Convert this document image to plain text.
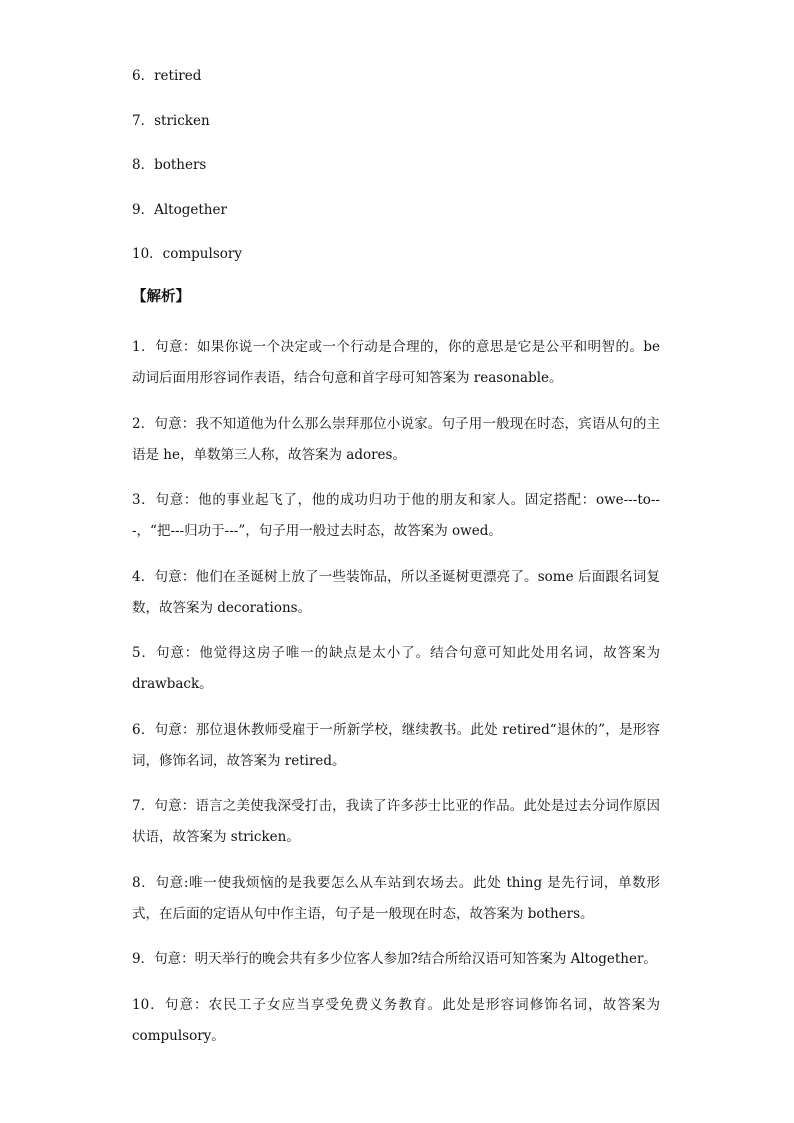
6．retired
7．stricken
8．bothers
9．Altogether
10．compulsory
【解析】
1．句意：如果你说一个决定或一个行动是合理的，你的意思是它是公平和明智的。be 动词后面用形容词作表语，结合句意和首字母可知答案为 reasonable。
2．句意：我不知道他为什么那么崇拜那位小说家。句子用一般现在时态，宾语从句的主语是 he，单数第三人称，故答案为 adores。
3．句意：他的事业起飞了，他的成功归功于他的朋友和家人。固定搭配：owe---to---，“把---归功于---”，句子用一般过去时态，故答案为 owed。
4．句意：他们在圣诞树上放了一些装饰品，所以圣诞树更漂亮了。some 后面跟名词复数，故答案为 decorations。
5．句意：他觉得这房子唯一的缺点是太小了。结合句意可知此处用名词，故答案为 drawback。
6．句意：那位退休教师受雇于一所新学校，继续教书。此处 retired“退休的”，是形容词，修饰名词，故答案为 retired。
7．句意：语言之美使我深受打击，我读了许多莎士比亚的作品。此处是过去分词作原因状语，故答案为 stricken。
8．句意:唯一使我烦恼的是我要怎么从车站到农场去。此处 thing 是先行词，单数形式，在后面的定语从句中作主语，句子是一般现在时态，故答案为 bothers。
9．句意：明天举行的晚会共有多少位客人参加?结合所给汉语可知答案为 Altogether。
10．句意：农民工子女应当享受免费义务教育。此处是形容词修饰名词，故答案为 compulsory。
